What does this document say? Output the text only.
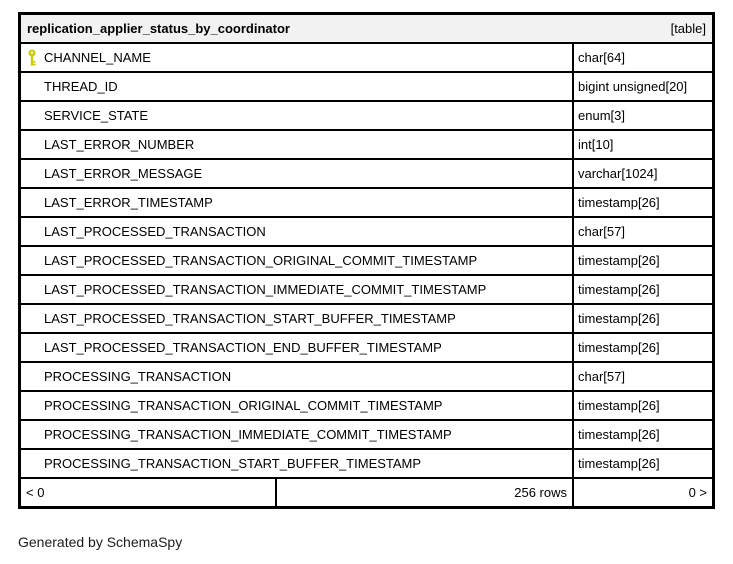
replication_applier_status_by_coordinator	[table]
CHANNEL_NAME	char[64]
THREAD_ID	bigint unsigned[20]
SERVICE_STATE	enum[3]
LAST_ERROR_NUMBER	int[10]
LAST_ERROR_MESSAGE	varchar[1024]
LAST_ERROR_TIMESTAMP	timestamp[26]
LAST_PROCESSED_TRANSACTION	char[57]
LAST_PROCESSED_TRANSACTION_ORIGINAL_COMMIT_TIMESTAMP	timestamp[26]
LAST_PROCESSED_TRANSACTION_IMMEDIATE_COMMIT_TIMESTAMP	timestamp[26]
LAST_PROCESSED_TRANSACTION_START_BUFFER_TIMESTAMP	timestamp[26]
LAST_PROCESSED_TRANSACTION_END_BUFFER_TIMESTAMP	timestamp[26]
PROCESSING_TRANSACTION	char[57]
PROCESSING_TRANSACTION_ORIGINAL_COMMIT_TIMESTAMP	timestamp[26]
PROCESSING_TRANSACTION_IMMEDIATE_COMMIT_TIMESTAMP	timestamp[26]
PROCESSING_TRANSACTION_START_BUFFER_TIMESTAMP	timestamp[26]
< 0	256 rows	0 >
Generated by SchemaSpy
